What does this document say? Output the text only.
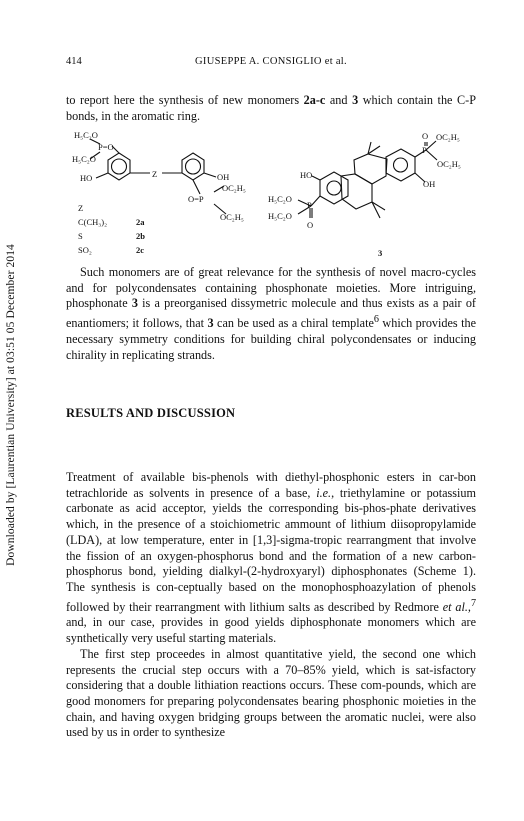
Downloaded by [Laurentian University] at 03:51 05 December 2014
414	GIUSEPPE A. CONSIGLIO et al.

to report here the synthesis of new monomers 2a-c and 3 which contain the C-P bonds, in the aromatic ring.

H₅C₂O
P=O
H₅C₂O
HO	Z	OH
OC₂H₅
O=P
OC₂H₅
Z
C(CH₃)₂	2a
S	2b
SO₂	2c
O OC₂H₅
P
OC₂H₅
OH
HO
H₅C₂O
H₅C₂O
P
O
3

Such monomers are of great relevance for the synthesis of novel macro-cycles and for polycondensates containing phosphonate moieties. More intriguing, phosphonate 3 is a preorganised dissymetric molecule and thus exists as a pair of enantiomers; it follows, that 3 can be used as a chiral template$^6$ which provides the necessary symmetry conditions for building chiral polycondensates or inducing chirality in replicating strands.

RESULTS AND DISCUSSION

Treatment of available bis-phenols with diethyl-phosphonic esters in car-bon tetrachloride as solvents in presence of a base, i.e., triethylamine or potassium carbonate as acid acceptor, yields the corresponding bis-phos-phate derivatives which, in the presence of a stoichiometric ammount of lithium diisopropylamide (LDA), at low temperature, enter in [1,3]-sigma-tropic rearrangment that involve the fission of an oxygen-phosphorus bond and the formation of a new carbon-phosphorus bond, yielding dialkyl-(2-hydroxyaryl) diphosphonates (Scheme 1). The synthesis is con-ceptually based on the monophosphoazylation of phenols followed by their rearrangment with lithium salts as described by Redmore et al.,$^7$ and, in our case, provides in good yields diphosphonate monomers which are synthetically very useful starting materials.

The first step proceedes in almost quantitative yield, the second one which represents the crucial step occurs with a 70–85% yield, which is sat-isfactory considering that a double lithiation reactions occurs. These com-pounds, which are good monomers for preparing polycondensates bearing phosphonic moieties in the chain, and having oxygen bridging groups between the aromatic nuclei, were also used by us in order to synthesize
